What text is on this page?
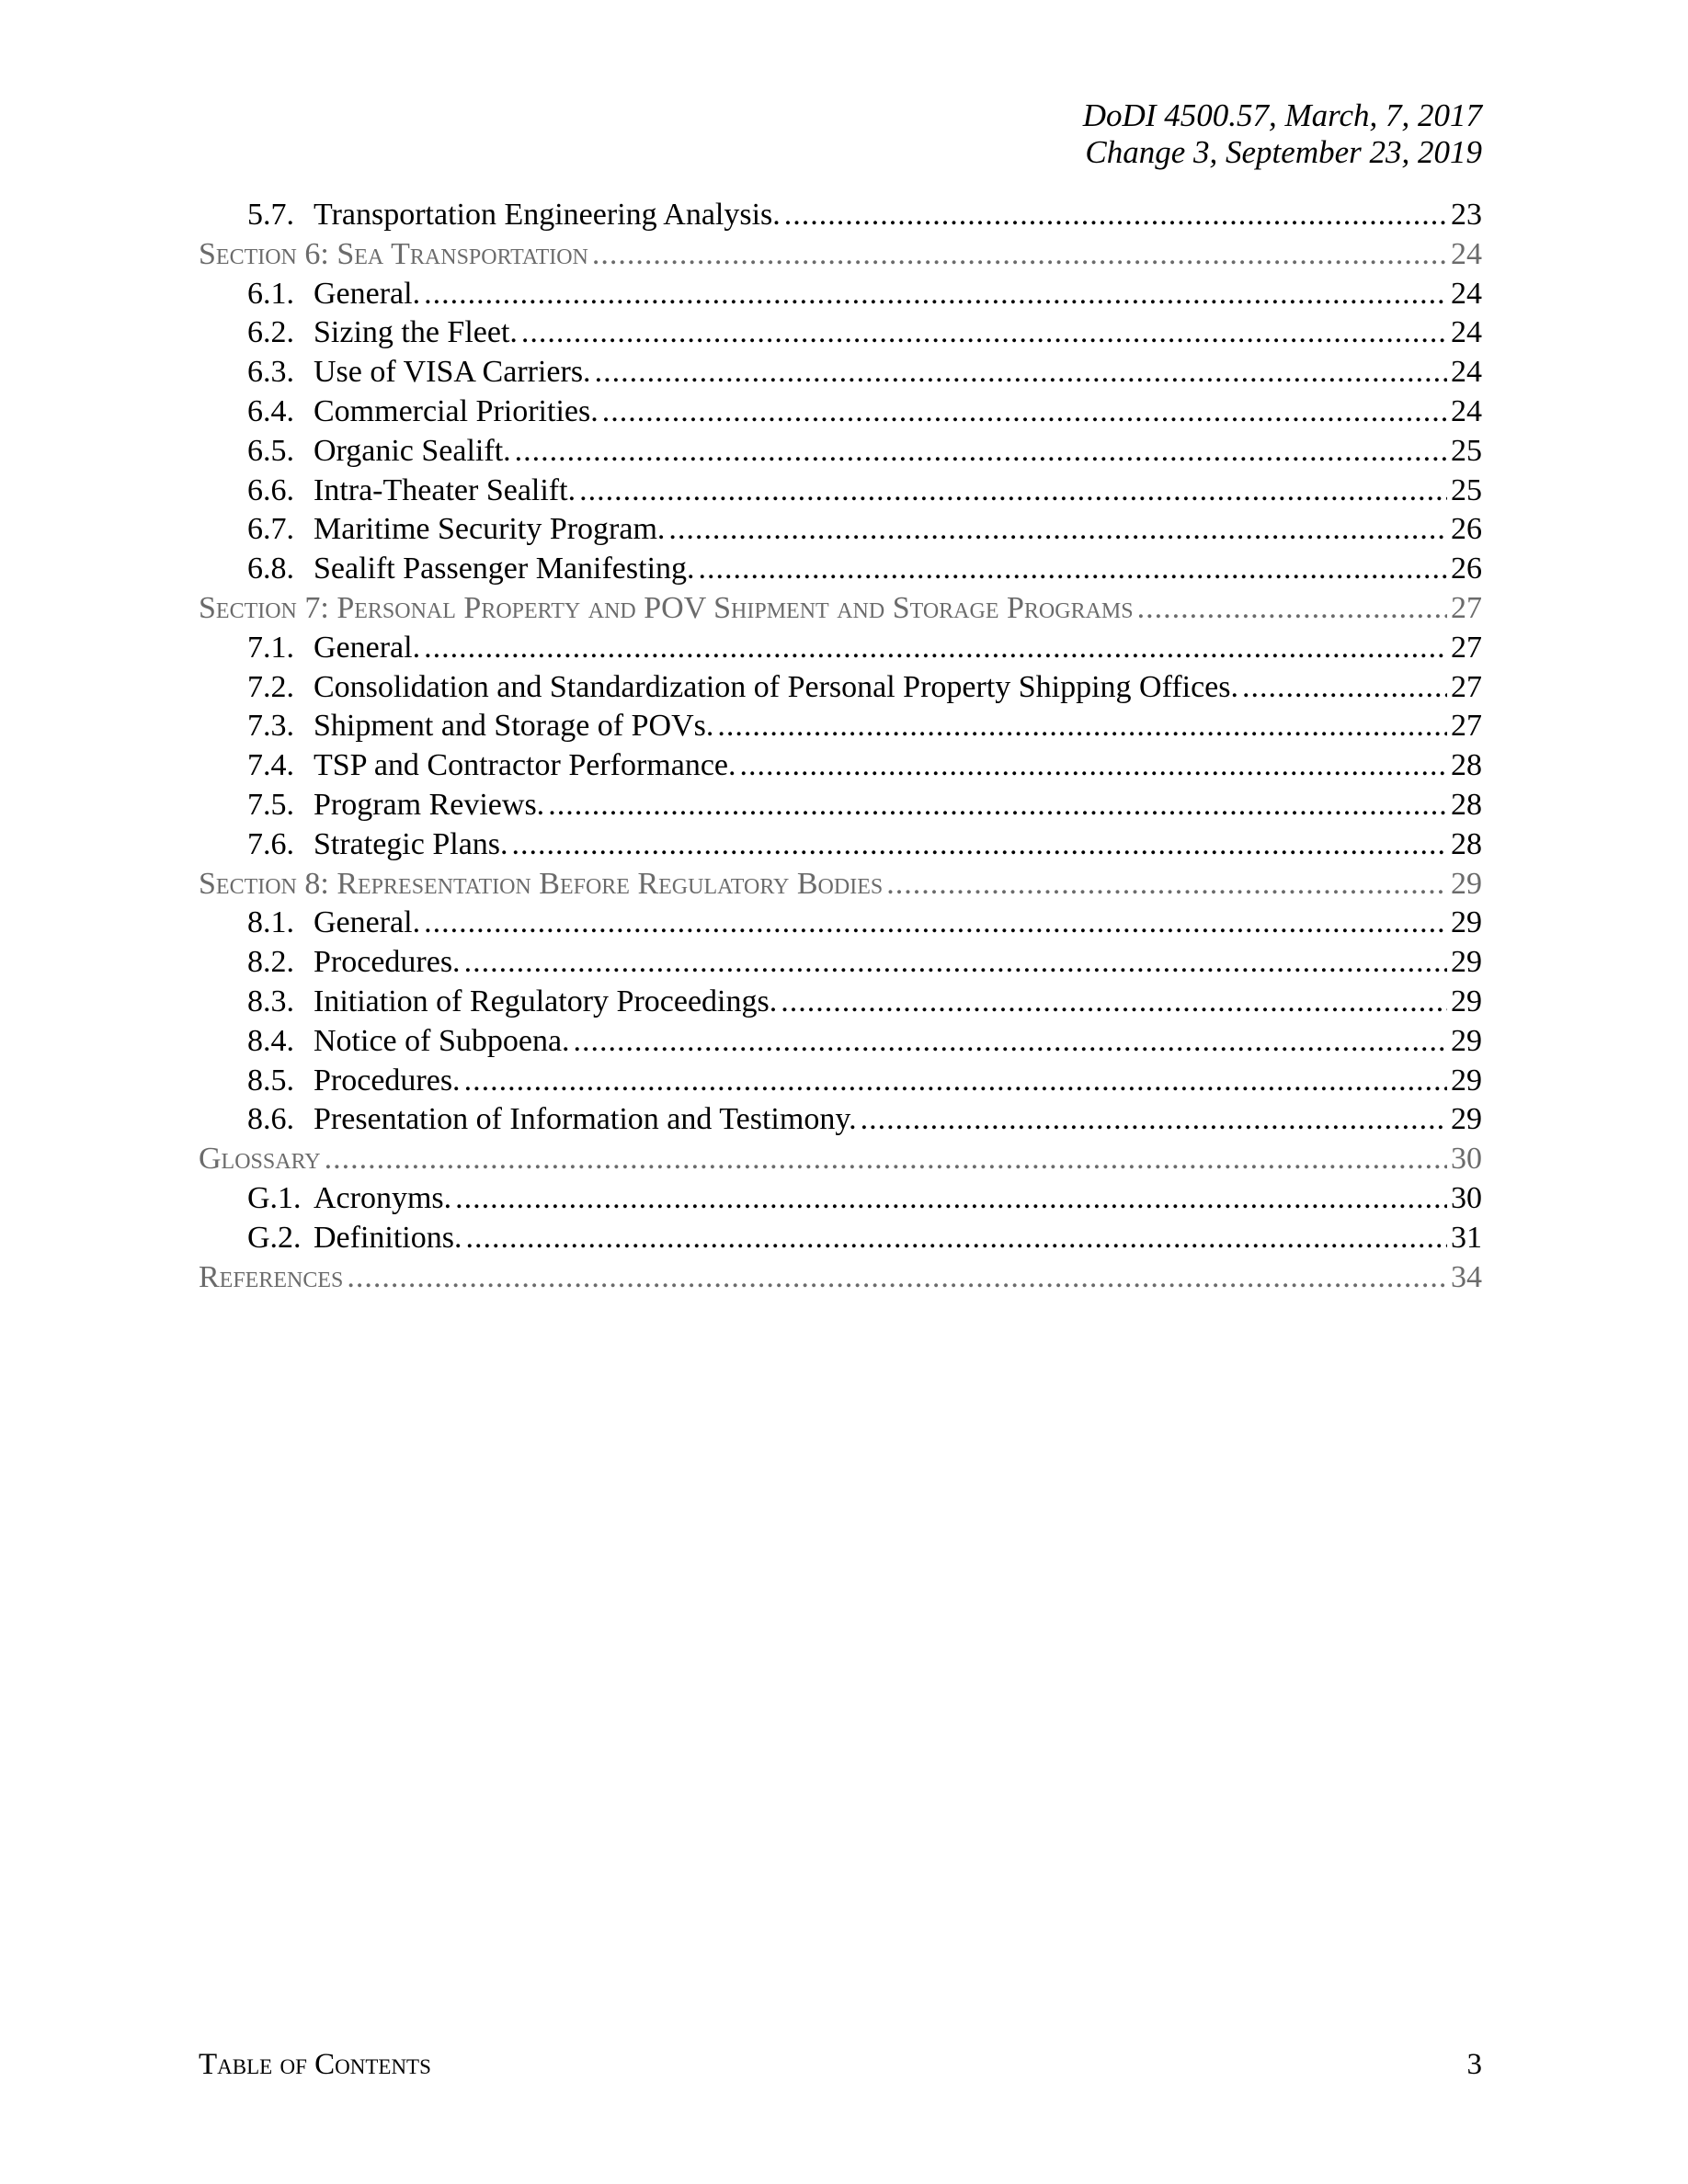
DoDI 4500.57, March, 7, 2017
Change 3, September 23, 2019
5.7. Transportation Engineering Analysis. .....	23
Section 6: Sea Transportation .....	24
6.1. General. .....	24
6.2. Sizing the Fleet. .....	24
6.3. Use of VISA Carriers. .....	24
6.4. Commercial Priorities. .....	24
6.5. Organic Sealift. .....	25
6.6. Intra-Theater Sealift. .....	25
6.7. Maritime Security Program. .....	26
6.8. Sealift Passenger Manifesting. .....	26
Section 7: Personal Property and POV Shipment and Storage Programs .....	27
7.1. General. .....	27
7.2. Consolidation and Standardization of Personal Property Shipping Offices. .....	27
7.3. Shipment and Storage of POVs. .....	27
7.4. TSP and Contractor Performance. .....	28
7.5. Program Reviews. .....	28
7.6. Strategic Plans. .....	28
Section 8: Representation Before Regulatory Bodies .....	29
8.1. General. .....	29
8.2. Procedures. .....	29
8.3. Initiation of Regulatory Proceedings. .....	29
8.4. Notice of Subpoena. .....	29
8.5. Procedures. .....	29
8.6. Presentation of Information and Testimony. .....	29
Glossary .....	30
G.1. Acronyms. .....	30
G.2. Definitions. .....	31
References .....	34
Table of Contents	3
